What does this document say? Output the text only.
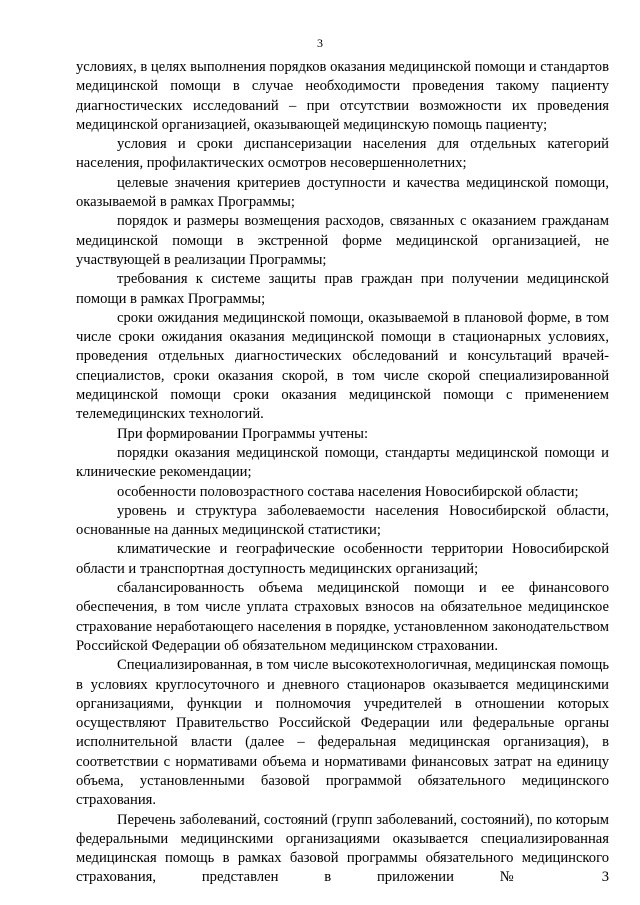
3

условиях, в целях выполнения порядков оказания медицинской помощи и стандартов медицинской помощи в случае необходимости проведения такому пациенту диагностических исследований – при отсутствии возможности их проведения медицинской организацией, оказывающей медицинскую помощь пациенту;

условия и сроки диспансеризации населения для отдельных категорий населения, профилактических осмотров несовершеннолетних;

целевые значения критериев доступности и качества медицинской помощи, оказываемой в рамках Программы;

порядок и размеры возмещения расходов, связанных с оказанием гражданам медицинской помощи в экстренной форме медицинской организацией, не участвующей в реализации Программы;

требования к системе защиты прав граждан при получении медицинской помощи в рамках Программы;

сроки ожидания медицинской помощи, оказываемой в плановой форме, в том числе сроки ожидания оказания медицинской помощи в стационарных условиях, проведения отдельных диагностических обследований и консультаций врачей-специалистов, сроки оказания скорой, в том числе скорой специализированной медицинской помощи сроки оказания медицинской помощи с применением телемедицинских технологий.

При формировании Программы учтены:

порядки оказания медицинской помощи, стандарты медицинской помощи и клинические рекомендации;

особенности половозрастного состава населения Новосибирской области;

уровень и структура заболеваемости населения Новосибирской области, основанные на данных медицинской статистики;

климатические и географические особенности территории Новосибирской области и транспортная доступность медицинских организаций;

сбалансированность объема медицинской помощи и ее финансового обеспечения, в том числе уплата страховых взносов на обязательное медицинское страхование неработающего населения в порядке, установленном законодательством Российской Федерации об обязательном медицинском страховании.

Специализированная, в том числе высокотехнологичная, медицинская помощь в условиях круглосуточного и дневного стационаров оказывается медицинскими организациями, функции и полномочия учредителей в отношении которых осуществляют Правительство Российской Федерации или федеральные органы исполнительной власти (далее – федеральная медицинская организация), в соответствии с нормативами объема и нормативами финансовых затрат на единицу объема, установленными базовой программой обязательного медицинского страхования.

Перечень заболеваний, состояний (групп заболеваний, состояний), по которым федеральными медицинскими организациями оказывается специализированная медицинская помощь в рамках базовой программы обязательного медицинского страхования, представлен в приложении № 3
